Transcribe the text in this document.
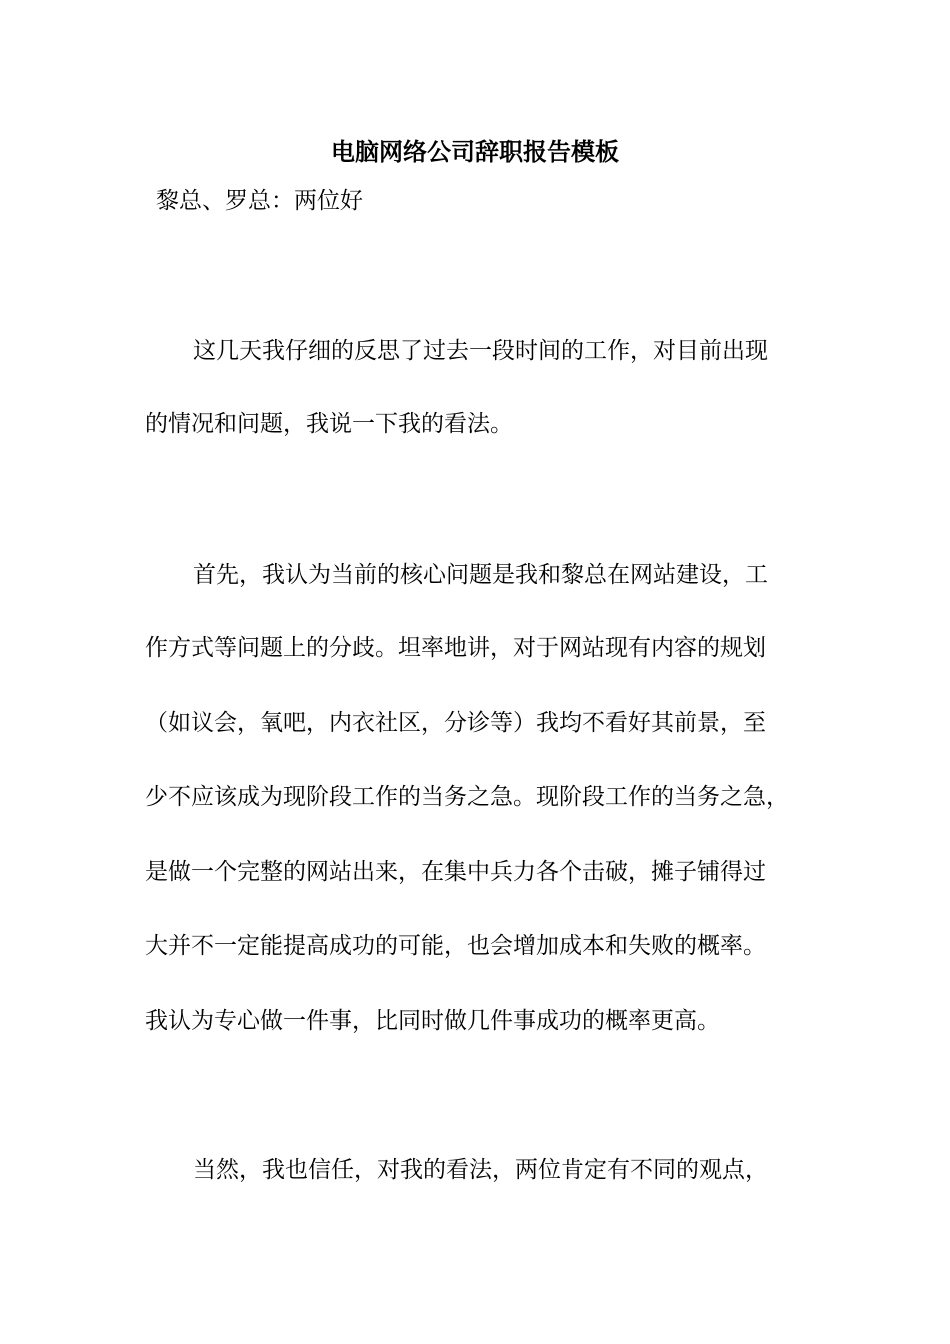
电脑网络公司辞职报告模板

黎总、罗总：两位好

这几天我仔细的反思了过去一段时间的工作，对目前出现

的情况和问题，我说一下我的看法。

首先，我认为当前的核心问题是我和黎总在网站建设，工

作方式等问题上的分歧。坦率地讲，对于网站现有内容的规划

（如议会，氧吧，内衣社区，分诊等）我均不看好其前景，至

少不应该成为现阶段工作的当务之急。现阶段工作的当务之急，

是做一个完整的网站出来，在集中兵力各个击破，摊子铺得过

大并不一定能提高成功的可能，也会增加成本和失败的概率。

我认为专心做一件事，比同时做几件事成功的概率更高。

当然，我也信任，对我的看法，两位肯定有不同的观点，
